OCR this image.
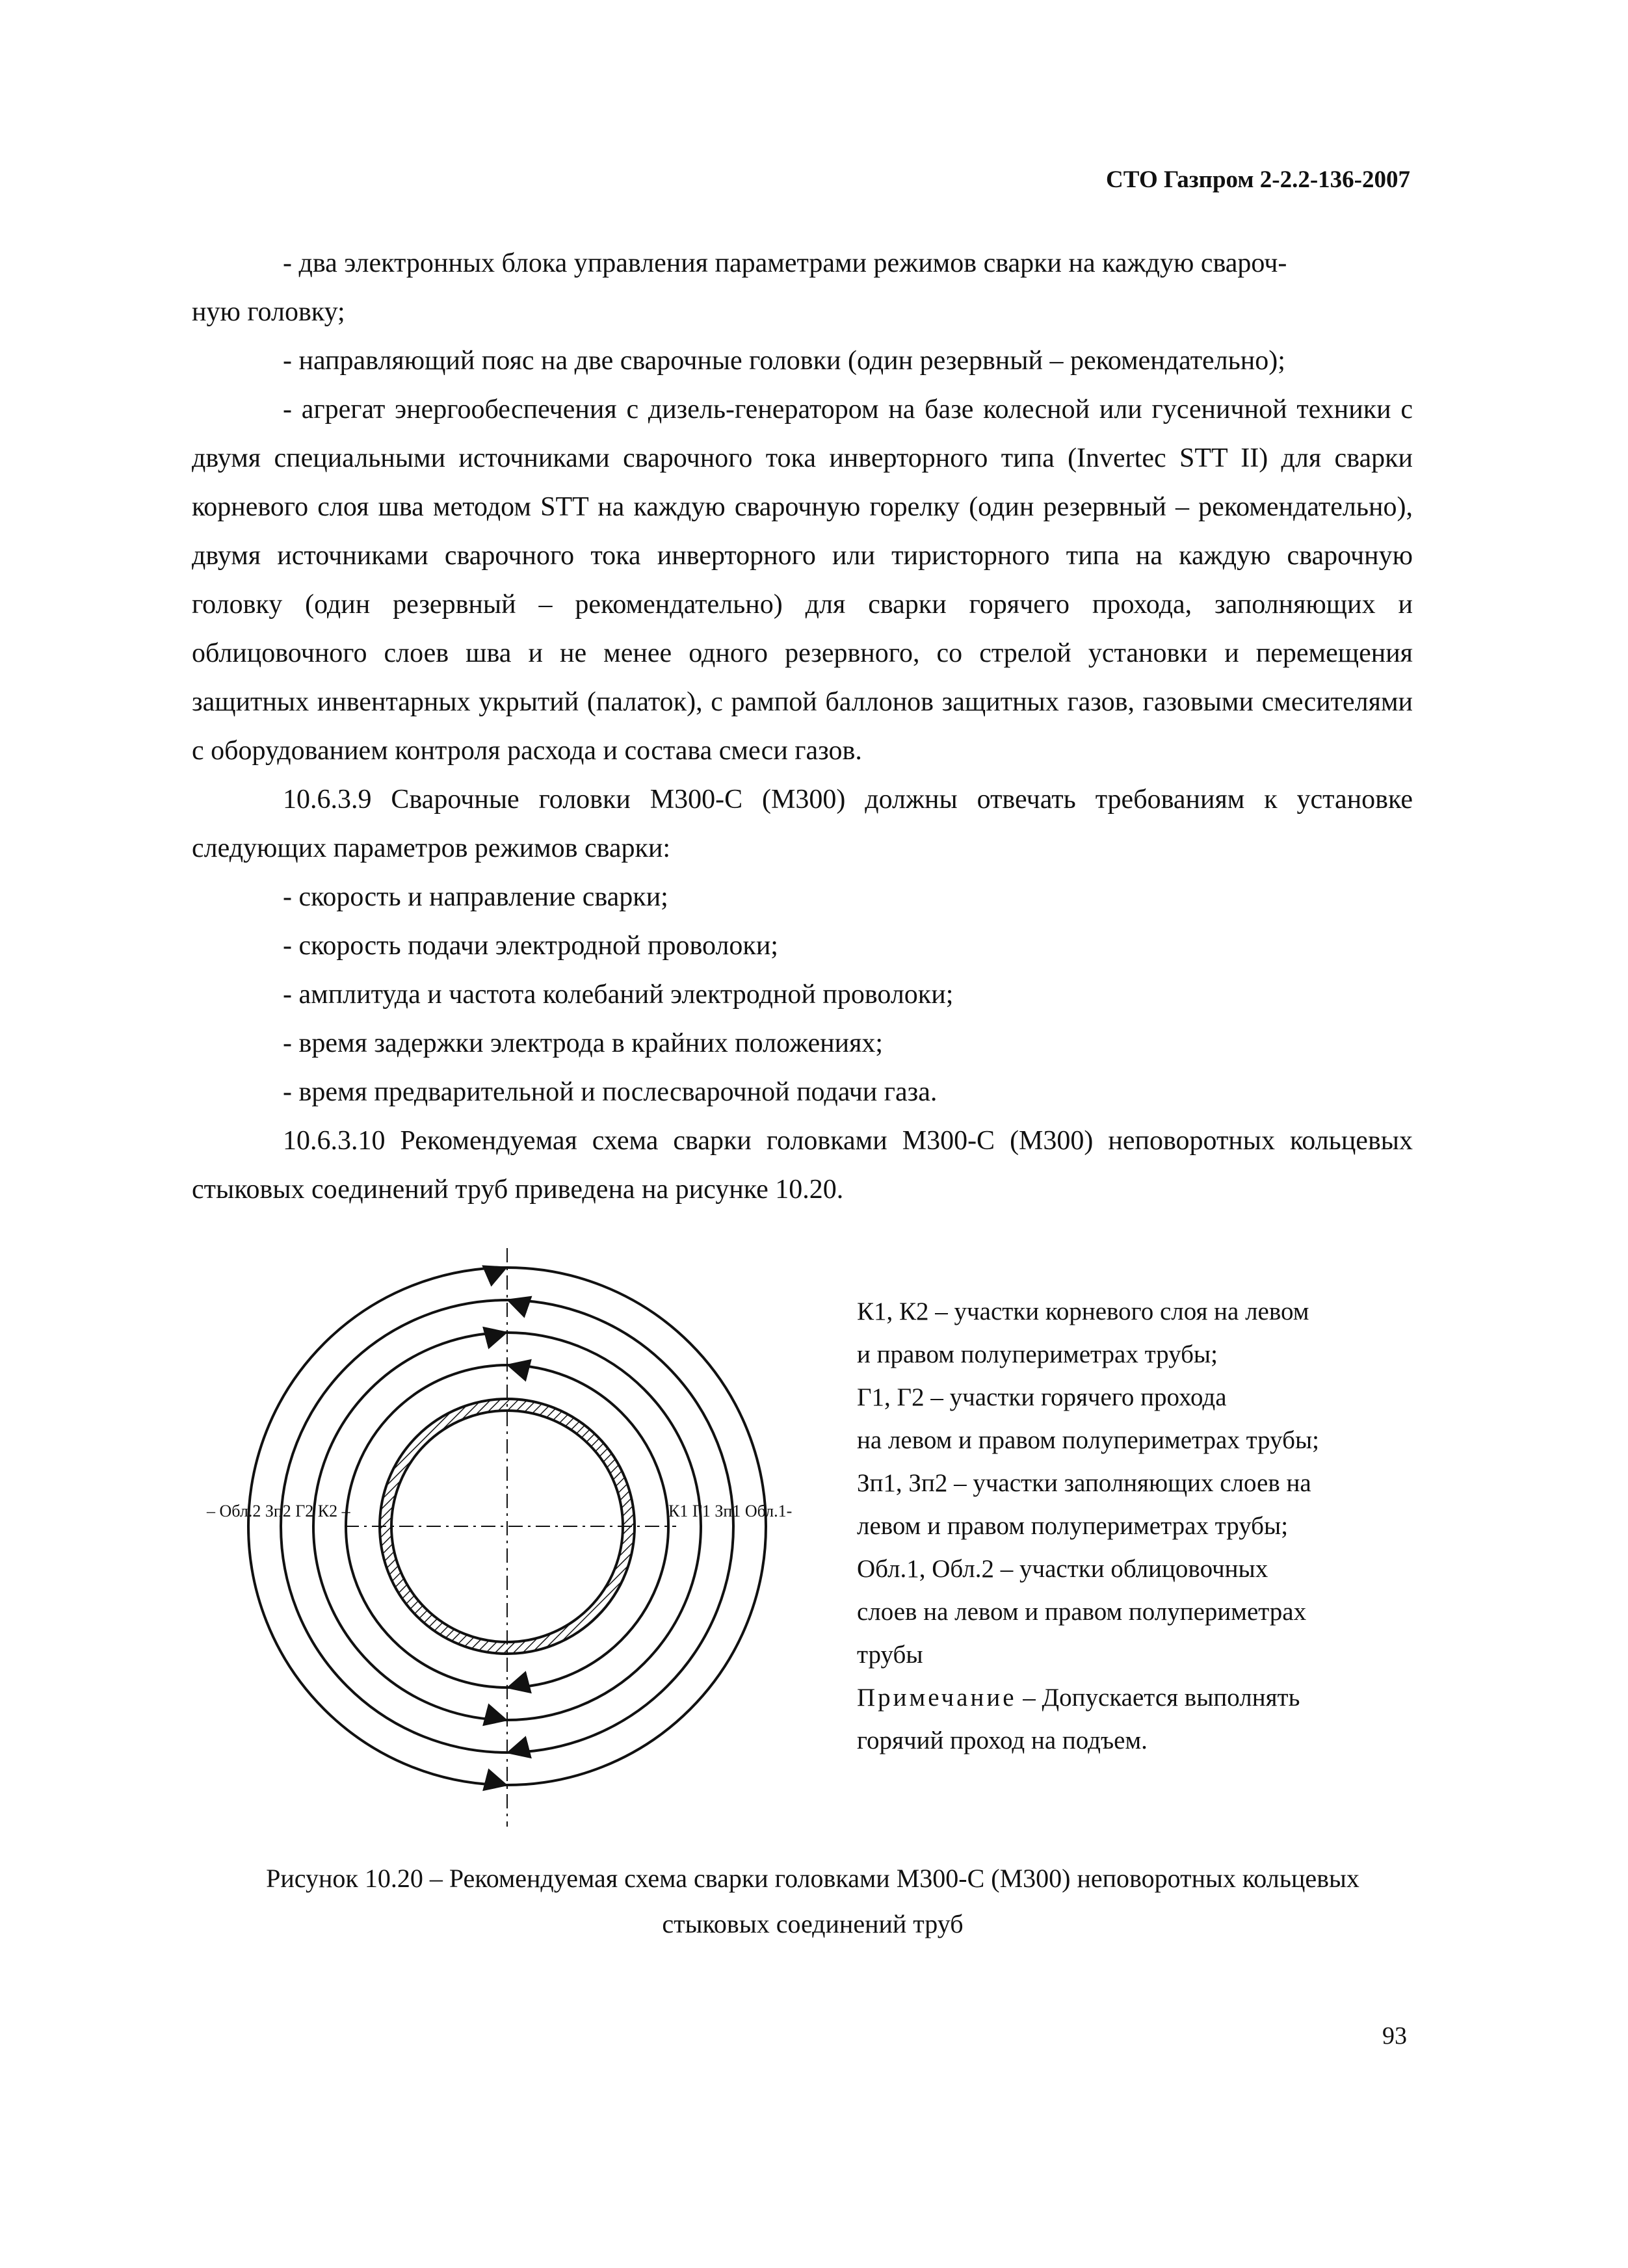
СТО Газпром 2-2.2-136-2007

- два электронных блока управления параметрами режимов сварки на каждую свароч-

ную головку;

- направляющий пояс на две сварочные головки (один резервный – рекомендательно);

- агрегат энергообеспечения с дизель-генератором на базе колесной или гусеничной техники с двумя специальными источниками сварочного тока инверторного типа (Invertec STT II) для сварки корневого слоя шва методом STT на каждую сварочную горелку (один резервный – рекомендательно), двумя источниками сварочного тока инверторного или тиристорного типа на каждую сварочную головку (один резервный – рекомендательно) для сварки горячего прохода, заполняющих и облицовочного слоев шва и не менее одного резервного, со стрелой установки и перемещения защитных инвентарных укрытий (палаток), с рампой баллонов защитных газов, газовыми смесителями с оборудованием контроля расхода и состава смеси газов.

10.6.3.9 Сварочные головки М300-С (М300) должны отвечать требованиям к установке следующих параметров режимов сварки:

- скорость и направление сварки;

- скорость подачи электродной проволоки;

- амплитуда и частота колебаний электродной проволоки;

- время задержки электрода в крайних положениях;

- время предварительной и послесварочной подачи газа.

10.6.3.10 Рекомендуемая схема сварки головками М300-С (М300) неповоротных кольцевых стыковых соединений труб приведена на рисунке 10.20.

– Обл.2 Зп2 Г2 К2 –	К1 Г1 Зп1 Обл.1-

К1, К2 – участки корневого слоя на левом

и правом полупериметрах трубы;

Г1, Г2 – участки горячего прохода

на левом и правом полупериметрах трубы;

Зп1, Зп2 – участки заполняющих слоев на

левом и правом полупериметрах трубы;

Обл.1, Обл.2 – участки облицовочных

слоев на левом и правом полупериметрах

трубы

Примечание – Допускается выполнять

горячий проход на подъем.

Рисунок 10.20 – Рекомендуемая схема сварки головками М300-С (М300) неповоротных кольцевых

стыковых соединений труб

93
